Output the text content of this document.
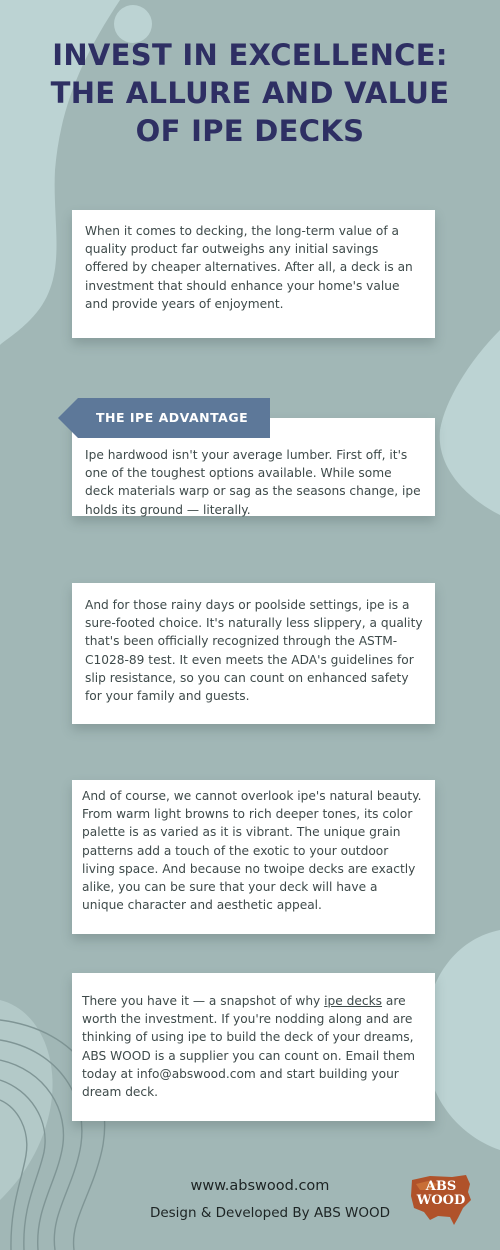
INVEST IN EXCELLENCE:
THE ALLURE AND VALUE
OF IPE DECKS

When it comes to decking, the long-term value of a quality product far outweighs any initial savings offered by cheaper alternatives. After all, a deck is an investment that should enhance your home's value and provide years of enjoyment.

Ipe hardwood isn't your average lumber. First off, it's one of the toughest options available. While some deck materials warp or sag as the seasons change, ipe holds its ground — literally.

THE IPE ADVANTAGE

And for those rainy days or poolside settings, ipe is a sure-footed choice. It's naturally less slippery, a quality that's been officially recognized through the ASTM-C1028-89 test. It even meets the ADA's guidelines for slip resistance, so you can count on enhanced safety for your family and guests.

And of course, we cannot overlook ipe's natural beauty. From warm light browns to rich deeper tones, its color palette is as varied as it is vibrant. The unique grain patterns add a touch of the exotic to your outdoor living space. And because no twoipe decks are exactly alike, you can be sure that your deck will have a unique character and aesthetic appeal.

There you have it — a snapshot of why ipe decks are worth the investment. If you're nodding along and are thinking of using ipe to build the deck of your dreams, ABS WOOD is a supplier you can count on. Email them today at info@abswood.com and start building your dream deck.

www.abswood.com
Design & Developed By ABS WOOD
ABS
WOOD
